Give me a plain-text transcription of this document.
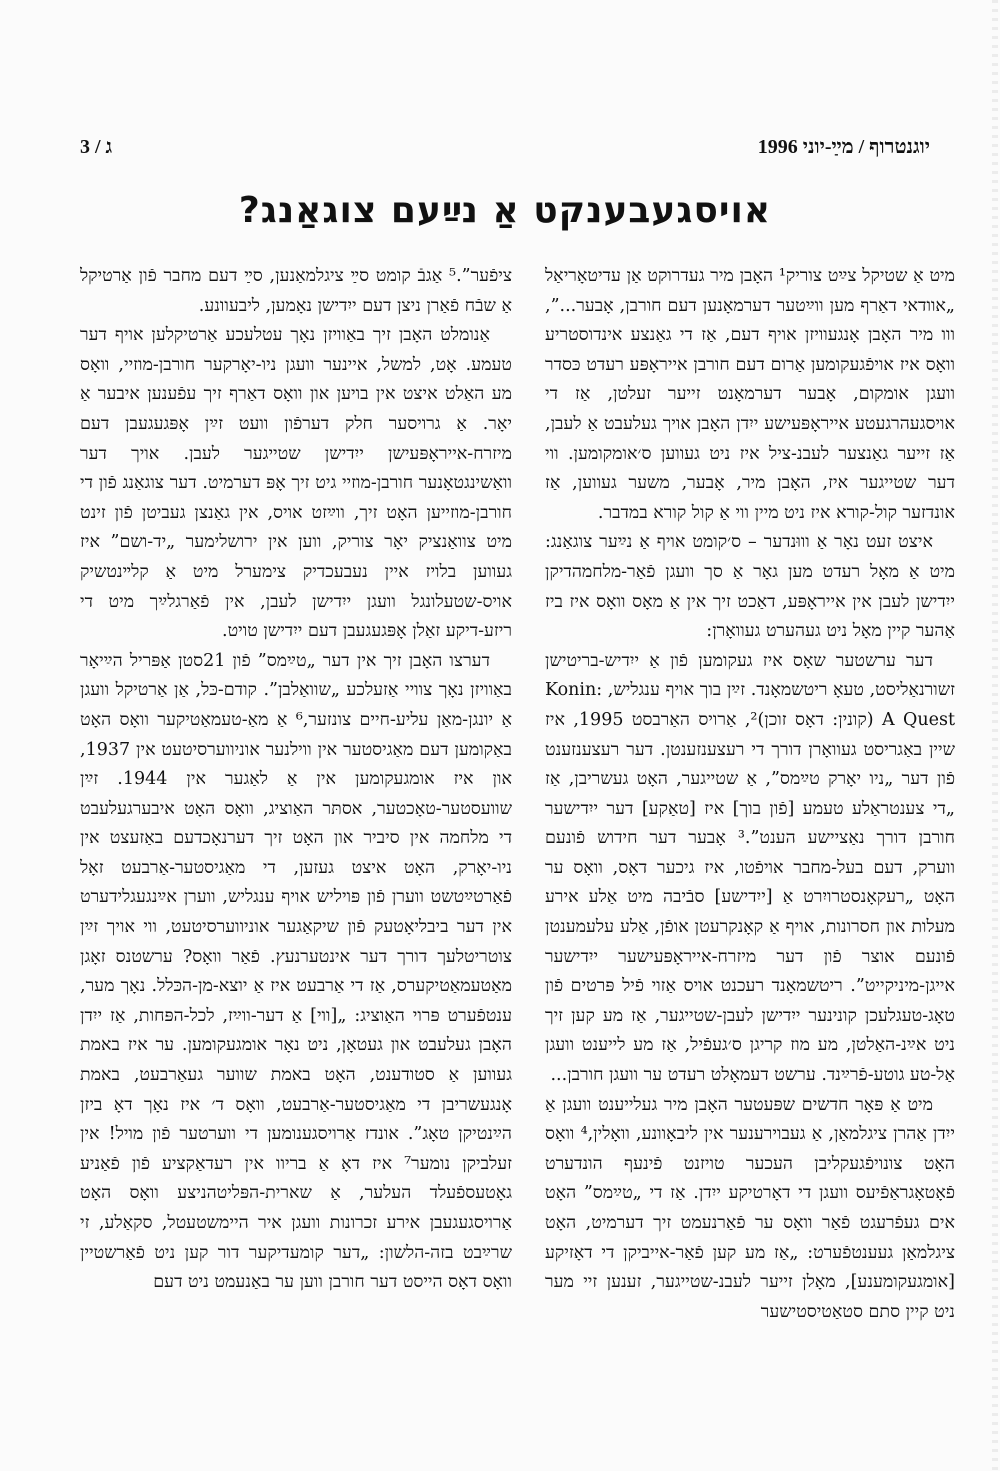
יוגנטרוף / מײַ-יוני 1996
ג / 3
אויסגעבענקט אַ נײַעם צוגאַנג?

מיט אַ שטיקל צײַט צוריק¹ האָבן מיר געדרוקט אַן עדיטאָריאַל „אוודאי דאַרף מען ווײַטער דערמאָנען דעם חורבן, אָבער...”, ווו מיר האָבן אָנגעוויזן אויף דעם, אַז די גאַנצע אינדוסטריע וואָס איז אויפֿגעקומען אַרום דעם חורבן אייראָפּע רעדט כּסדר וועגן אומקום, אָבער דערמאָנט זייער זעלטן, אַז די אויסגעהרגעטע אייראָפּעישע ייִדן האָבן אויך געלעבט אַ לעבן, אַז זייער גאַנצער לעבנ-ציל איז ניט געווען ס׳אומקומען. ווי דער שטייגער איז, האָבן מיר, אָבער, משער געווען, אַז אונדזער קול-קורא איז ניט מיין ווי אַ קול קורא במדבר.

איצט זעט נאָר אַ וווּנדער – ס׳קומט אויף אַ נײַער צוגאַנג: מיט אַ מאָל רעדט מען גאָר אַ סך וועגן פֿאַר-מלחמהדיקן ייִדישן לעבן אין אייראָפּע, דאַכט זיך אין אַ מאָס וואָס איז ביז אַהער קיין מאָל ניט געהערט געוואָרן:

דער ערשטער שאָס איז געקומען פֿון אַ ייִדיש-בריטישן זשורנאַליסט, טעאָ ריטשמאָנד. זײַן בוך אויף ענגליש, Konin: A Quest (קונין: דאָס זוכן)², אַרויס האַרבסט 1995, איז שיין באַגריסט געוואָרן דורך די רעצענזענטן. דער רעצענזענט פֿון דער „ניו יאָרק טײַמס”, אַ שטייגער, האָט געשריבן, אַז „די צענטראַלע טעמע [פֿון בוך] איז [טאַקע] דער ייִדישער חורבן דורך נאַציישע הענט”.³ אָבער דער חידוש פֿונעם ווערק, דעם בעל-מחבר אויפֿטו, איז גיכער דאָס, וואָס ער האָט „רעקאָנסטרויִרט אַ [ייִדישע] סבֿיבה מיט אַלע אירע מעלות און חסרונות, אויף אַ קאָנקרעטן אופֿן, אַלע עלעמענטן פֿונעם אוצר פֿון דער מיזרח-אייראָפּעישער ייִדישער אייגן-מיניקייט”. ריטשמאָנד רעכנט אויס אַזוי פֿיל פּרטים פֿון טאָג-טעגלעכן קונינער ייִדישן לעבן-שטייגער, אַז מע קען זיך ניט אײַנ-האַלטן, מע מוז קריגן ס׳געפֿיל, אַז מע לייענט וועגן אַל-טע גוטע-פֿרײַנד. ערשט דעמאָלט רעדט ער וועגן חורבן...

מיט אַ פּאָר חדשים שפּעטער האָבן מיר געלייענט וועגן אַ ייִדן אַהרן ציגלמאַן, אַ געבוירענער אין ליבאָוונע, וואָלין,⁴ וואָס האָט צונויפֿגעקליבן העכער טויזנט פֿינעף הונדערט פֿאָטאָגראַפֿיעס וועגן די דאָרטיקע ייִדן. אַז די „טײַמס” האָט אים געפֿרעגט פֿאַר וואָס ער פֿאַרנעמט זיך דערמיט, האָט ציגלמאַן געענטפֿערט: „אַז מע קען פֿאַר-אייביקן די דאָזיקע [אומגעקומענע], מאָלן זייער לעבנ-שטייגער, זענען זיי מער ניט קיין סתם סטאַטיסטישער

ציפֿער”.⁵ אַגבֿ קומט סײַ ציגלמאַנען, סײַ דעם מחבר פֿון אַרטיקל אַ שבֿח פֿאַרן ניצן דעם ייִדישן נאָמען, ליבעוונע.

אַנומלט האָבן זיך באַוויזן נאָך עטלעכע אַרטיקלען אויף דער טעמע. אָט, למשל, איינער וועגן ניו-יאָרקער חורבן-מוזיי, וואָס מע האַלט איצט אין בויען און וואָס דאַרף זיך עפֿענען איבער אַ יאָר. אַ גרויסער חלק דערפֿון וועט זײַן אָפּגעגעבן דעם מיזרח-אייראָפּעישן ייִדישן שטייגער לעבן. אויך דער וואַשינגטאָנער חורבן-מוזיי גיט זיך אָפּ דערמיט. דער צוגאַנג פֿון די חורבן-מוזייען האָט זיך, ווײַזט אויס, אין גאַנצן געביטן פֿון זינט מיט צוואַנציק יאָר צוריק, ווען אין ירושלימער „יד-ושם” איז געווען בלויז איין נעבעכדיק צימערל מיט אַ קלײנטשיק אויס-שטעלונגל וועגן ייִדישן לעבן, אין פֿאַרגלײַך מיט די ריזע-דיקע זאַלן אָפּגעגעבן דעם ייִדישן טויט.

דערצו האָבן זיך אין דער „טײַמס” פֿון 21סטן אַפּריל הײַיאָר באַוויזן נאָך צוויי אַזעלכע „שוואַלבן”. קודם-כּל, אַן אַרטיקל וועגן אַ יונגן-מאַן עליע-חיים צונזער,⁶ אַ מאַ-טעמאַטיקער וואָס האָט באַקומען דעם מאַגיסטער אין ווילנער אוניווערסיטעט אין 1937, און איז אומגעקומען אין אַ לאַגער אין 1944. זײַן שוועסטער-טאָכטער, אסתּר האַוציג, וואָס האָט איבערגעלעבט די מלחמה אין סיביר און האָט זיך דערנאָכדעם באַזעצט אין ניו-יאָרק, האָט איצט געזען, די מאַגיסטער-אַרבעט זאָל פֿאַרטײַטשט ווערן פֿון פּויליש אויף ענגליש, ווערן אײַנגעגלידערט אין דער ביבליאָטעק פֿון שיקאַגער אוניווערסיטעט, ווי אויך זײַן צוטריטלעך דורך דער אינטערנעץ. פֿאַר וואָס? ערשטנס זאָגן מאַטעמאַטיקערס, אַז די אַרבעט איז אַ יוצא-מן-הכּלל. נאָך מער, ענטפֿערט פּרוי האַוציג: „[ווי] אַ דער-ווײַז, לכל-הפּחות, אַז ייִדן האָבן געלעבט און געטאָן, ניט נאָר אומגעקומען. ער איז באמת געווען אַ סטודענט, האָט באמת שווער געאַרבעט, באמת אָנגעשריבן די מאַגיסטער-אַרבעט, וואָס ד׳ איז נאָך דאָ ביזן הײַנטיקן טאָג”. אונדז אַרויסגענומען די ווערטער פֿון מויל! אין זעלביקן נומער⁷ איז דאָ אַ בריוו אין רעדאַקציע פֿון פֿאַניע גאָטעספֿעלד העלער, אַ שארית-הפּליטהניצע וואָס האָט אַרויסגעגעבן אירע זכרונות וועגן איר היימשטעטל, סקאַלע, זי שרײַבט בזה-הלשון: „דער קומעדיקער דור קען ניט פֿאַרשטיין וואָס דאָס הייסט דער חורבן ווען ער באַנעמט ניט דעם
